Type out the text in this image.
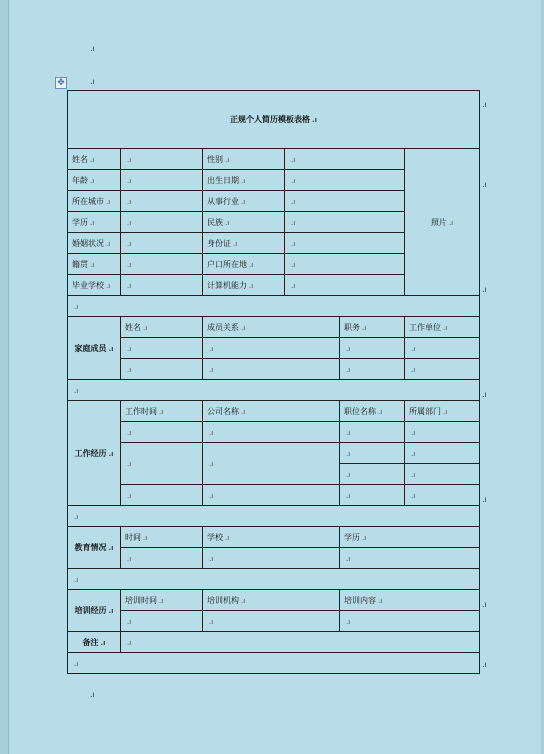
.ı
.ı
✥
.ı
正规个人简历模板表格 .ı					
姓名 .ı	.ı	性别 .ı	.ı		照片 .ı
年龄 .ı	.ı	出生日期 .ı	.ı		
所在城市 .ı	.ı	从事行业 .ı	.ı		
学历 .ı	.ı	民族 .ı	.ı		
婚姻状况 .ı	.ı	身份证 .ı	.ı		
籍贯 .ı	.ı	户口所在地 .ı	.ı		
毕业学校 .ı	.ı	计算机能力 .ı	.ı		
.ı					
家庭成员 .ı	姓名 .ı	成员关系 .ı		职务 .ı	工作单位 .ı
	.ı	.ı		.ı	.ı
	.ı	.ı		.ı	.ı
.ı					
工作经历 .ı	工作时间 .ı	公司名称 .ı		职位名称 .ı	所属部门 .ı
	.ı	.ı		.ı	.ı
	.ı	.ı		.ı	.ı
				.ı	.ı
	.ı	.ı		.ı	.ı
.ı					
教育情况 .ı	时间 .ı	学校 .ı		学历 .ı	
	.ı	.ı		.ı	
.ı					
培训经历 .ı	培训时间 .ı	培训机构 .ı		培训内容 .ı	
	.ı	.ı		.ı	
备注 .ı	.ı				
.ı					
.ı
.ı
.ı
.ı
.ı
.ı
.ı
